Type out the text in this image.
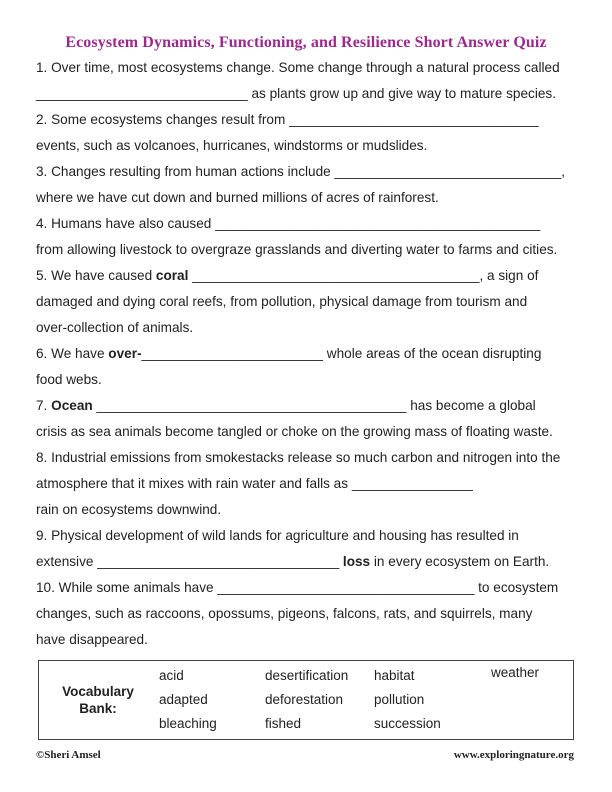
Ecosystem Dynamics, Functioning, and Resilience Short Answer Quiz
1. Over time, most ecosystems change. Some change through a natural process called
____________________________ as plants grow up and give way to mature species.
2. Some ecosystems changes result from _________________________________
events, such as volcanoes, hurricanes, windstorms or mudslides.
3. Changes resulting from human actions include ______________________________,
where we have cut down and burned millions of acres of rainforest.
4. Humans have also caused ___________________________________________
from allowing livestock to overgraze grasslands and diverting water to farms and cities.
5. We have caused coral ______________________________________, a sign of
damaged and dying coral reefs, from pollution, physical damage from tourism and
over-collection of animals.
6. We have over-________________________ whole areas of the ocean disrupting
food webs.
7. Ocean _________________________________________ has become a global
crisis as sea animals become tangled or choke on the growing mass of floating waste.
8. Industrial emissions from smokestacks release so much carbon and nitrogen into the
atmosphere that it mixes with rain water and falls as ________________
rain on ecosystems downwind.
9. Physical development of wild lands for agriculture and housing has resulted in
extensive ________________________________ loss in every ecosystem on Earth.
10. While some animals have __________________________________ to ecosystem
changes, such as raccoons, opossums, pigeons, falcons, rats, and squirrels, many
have disappeared.
Vocabulary
Bank:
acid
adapted
bleaching
desertification
deforestation
fished
habitat
pollution
succession
weather
©Sheri Amsel	www.exploringnature.org
